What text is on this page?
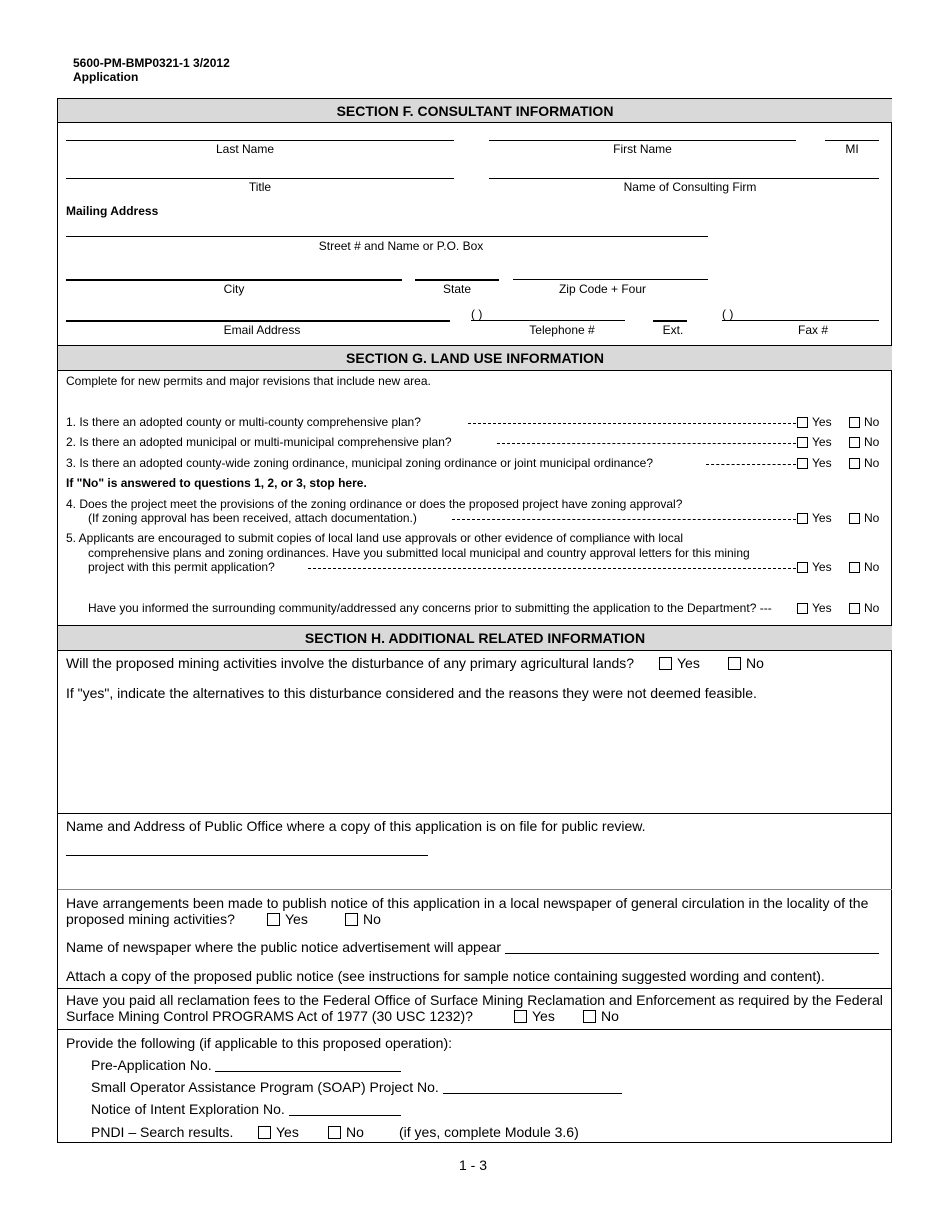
5600-PM-BMP0321-1 3/2012
Application
SECTION F. CONSULTANT INFORMATION
Last Name	First Name	MI
Title	Name of Consulting Firm
Mailing Address
Street # and Name or P.O. Box
City	State	Zip Code + Four
( )	( )
Email Address	Telephone #	Ext.	Fax #
SECTION G. LAND USE INFORMATION
Complete for new permits and major revisions that include new area.
1. Is there an adopted county or multi-county comprehensive plan?	Yes	No
2. Is there an adopted municipal or multi-municipal comprehensive plan?	Yes	No
3. Is there an adopted county-wide zoning ordinance, municipal zoning ordinance or joint municipal ordinance?	Yes	No
If "No" is answered to questions 1, 2, or 3, stop here.
4. Does the project meet the provisions of the zoning ordinance or does the proposed project have zoning approval?
(If zoning approval has been received, attach documentation.)	Yes	No
5. Applicants are encouraged to submit copies of local land use approvals or other evidence of compliance with local
comprehensive plans and zoning ordinances. Have you submitted local municipal and country approval letters for this mining
project with this permit application?	Yes	No
Have you informed the surrounding community/addressed any concerns prior to submitting the application to the Department? ---	Yes	No
SECTION H. ADDITIONAL RELATED INFORMATION
Will the proposed mining activities involve the disturbance of any primary agricultural lands?	Yes	No
If "yes", indicate the alternatives to this disturbance considered and the reasons they were not deemed feasible.
Name and Address of Public Office where a copy of this application is on file for public review.
Have arrangements been made to publish notice of this application in a local newspaper of general circulation in the locality of the
proposed mining activities?	Yes	No
Name of newspaper where the public notice advertisement will appear
Attach a copy of the proposed public notice (see instructions for sample notice containing suggested wording and content).
Have you paid all reclamation fees to the Federal Office of Surface Mining Reclamation and Enforcement as required by the Federal
Surface Mining Control PROGRAMS Act of 1977 (30 USC 1232)?	Yes	No
Provide the following (if applicable to this proposed operation):
Pre-Application No.
Small Operator Assistance Program (SOAP) Project No.
Notice of Intent Exploration No.
PNDI – Search results.	Yes	No	(if yes, complete Module 3.6)
1 - 3
